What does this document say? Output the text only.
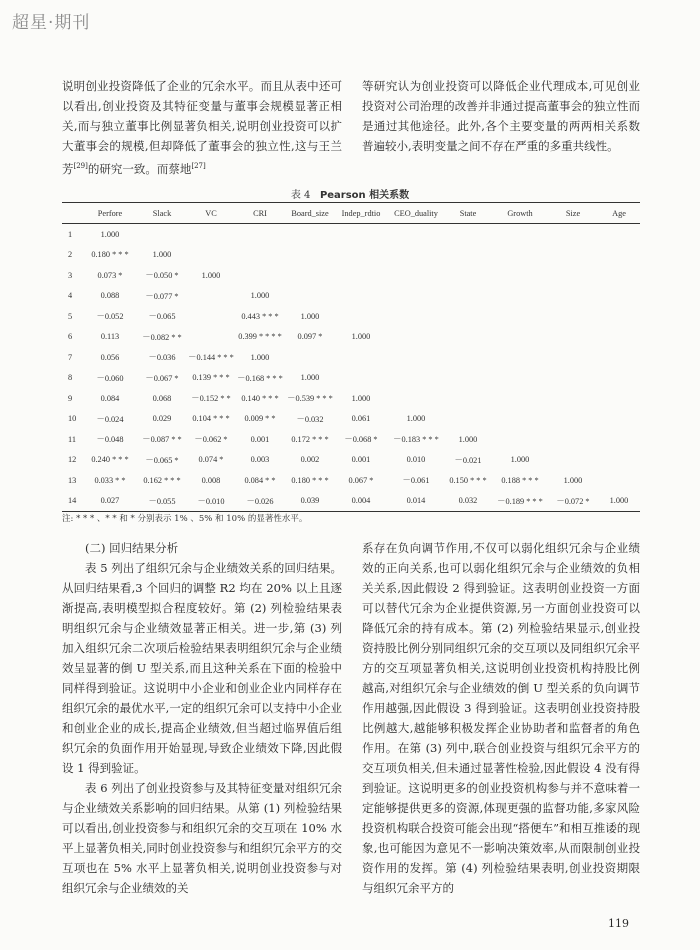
超星·期刊

说明创业投资降低了企业的冗余水平。而且从表中还可以看出,创业投资及其特征变量与董事会规模显著正相关,而与独立董事比例显著负相关,说明创业投资可以扩大董事会的规模,但却降低了董事会的独立性,这与王兰芳[29]的研究一致。而蔡地[27]

等研究认为创业投资可以降低企业代理成本,可见创业投资对公司治理的改善并非通过提高董事会的独立性而是通过其他途径。此外,各个主要变量的两两相关系数普遍较小,表明变量之间不存在严重的多重共线性。

表 4 Pearson 相关系数
	Perfore	Slack	VC	CRI	Board_size	Indep_rdtio	CEO_duality	State	Growth	Size	Age
1	1.000										
2	0.180 * * *	1.000									
3	0.073 *	－0.050 *	1.000								
4	0.088	－0.077 *		1.000							
5	－0.052	－0.065		0.443 * * *	1.000						
6	0.113	－0.082 * *		0.399 * * * *	0.097 *	1.000					
7	0.056	－0.036	－0.144 * * *	1.000							
8	－0.060	－0.067 *	0.139 * * *	－0.168 * * *	1.000						
9	0.084	0.068	－0.152 * *	0.140 * * *	－0.539 * * *	1.000					
10	－0.024	0.029	0.104 * * *	0.009 * *	－0.032	0.061	1.000				
11	－0.048	－0.087 * *	－0.062 *	0.001	0.172 * * *	－0.068 *	－0.183 * * *	1.000			
12	0.240 * * *	－0.065 *	0.074 *	0.003	0.002	0.001	0.010	－0.021	1.000		
13	0.033 * *	0.162 * * *	0.008	0.084 * *	0.180 * * *	0.067 *	－0.061	0.150 * * *	0.188 * * *	1.000	
14	0.027	－0.055	－0.010	－0.026	0.039	0.004	0.014	0.032	－0.189 * * *	－0.072 *	1.000
注: * * * 、* * 和 * 分别表示 1% 、5% 和 10% 的显著性水平。

(二) 回归结果分析

表 5 列出了组织冗余与企业绩效关系的回归结果。从回归结果看,3 个回归的调整 R2 均在 20% 以上且逐渐提高,表明模型拟合程度较好。第 (2) 列检验结果表明组织冗余与企业绩效显著正相关。进一步,第 (3) 列加入组织冗余二次项后检验结果表明组织冗余与企业绩效呈显著的倒 U 型关系,而且这种关系在下面的检验中同样得到验证。这说明中小企业和创业企业内同样存在组织冗余的最优水平,一定的组织冗余可以支持中小企业和创业企业的成长,提高企业绩效,但当超过临界值后组织冗余的负面作用开始显现,导致企业绩效下降,因此假设 1 得到验证。

表 6 列出了创业投资参与及其特征变量对组织冗余与企业绩效关系影响的回归结果。从第 (1) 列检验结果可以看出,创业投资参与和组织冗余的交互项在 10% 水平上显著负相关,同时创业投资参与和组织冗余平方的交互项也在 5% 水平上显著负相关,说明创业投资参与对组织冗余与企业绩效的关

系存在负向调节作用,不仅可以弱化组织冗余与企业绩效的正向关系,也可以弱化组织冗余与企业绩效的负相关关系,因此假设 2 得到验证。这表明创业投资一方面可以替代冗余为企业提供资源,另一方面创业投资可以降低冗余的持有成本。第 (2) 列检验结果显示,创业投资持股比例分别同组织冗余的交互项以及同组织冗余平方的交互项显著负相关,这说明创业投资机构持股比例越高,对组织冗余与企业绩效的倒 U 型关系的负向调节作用越强,因此假设 3 得到验证。这表明创业投资持股比例越大,越能够积极发挥企业协助者和监督者的角色作用。在第 (3) 列中,联合创业投资与组织冗余平方的交互项负相关,但未通过显著性检验,因此假设 4 没有得到验证。这说明更多的创业投资机构参与并不意味着一定能够提供更多的资源,体现更强的监督功能,多家风险投资机构联合投资可能会出现“搭便车”和相互推诿的现象,也可能因为意见不一影响决策效率,从而限制创业投资作用的发挥。第 (4) 列检验结果表明,创业投资期限与组织冗余平方的

119
